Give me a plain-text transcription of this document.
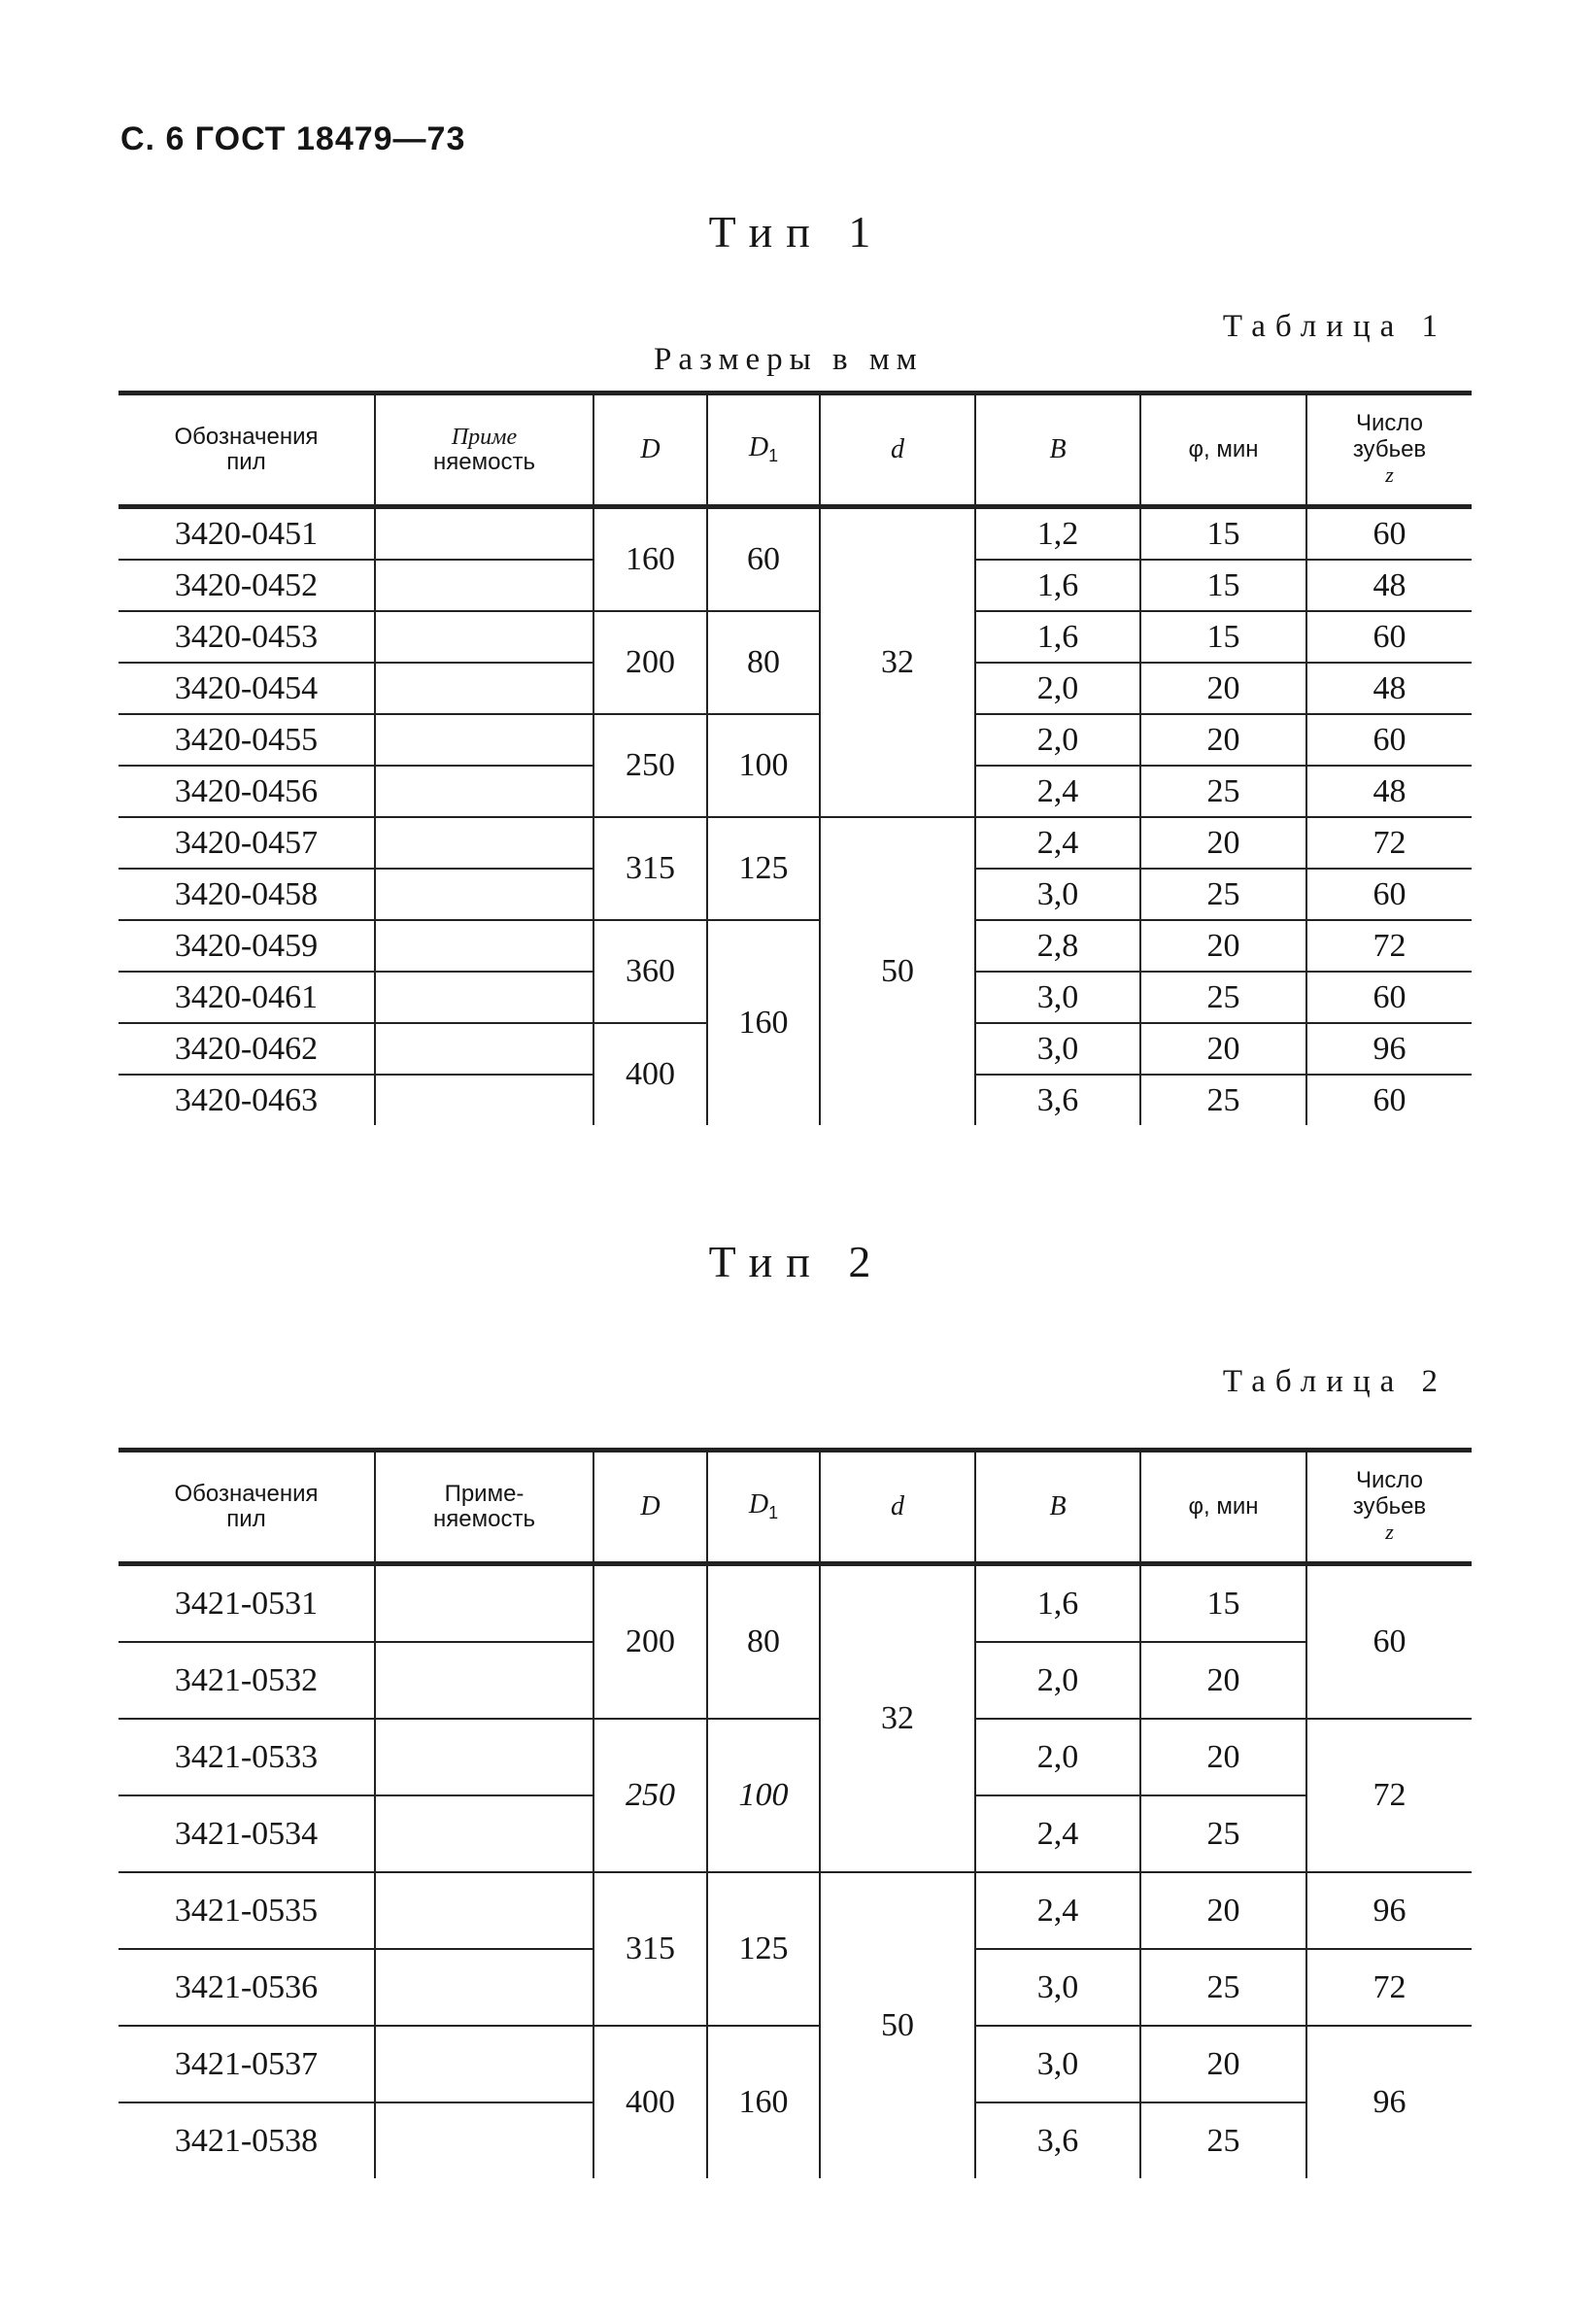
С. 6 ГОСТ 18479—73
Тип 1
Таблица 1
Размеры в мм
Обозначения
пил	Приме
няемость	D	$D_1$	d	B	φ, мин	Число
зубьев
z
3420-0451		160	60	32	1,2	15	60
3420-0452					1,6	15	48
3420-0453		200	80		1,6	15	60
3420-0454					2,0	20	48
3420-0455		250	100		2,0	20	60
3420-0456					2,4	25	48
3420-0457		315	125	50	2,4	20	72
3420-0458					3,0	25	60
3420-0459		360	160		2,8	20	72
3420-0461					3,0	25	60
3420-0462		400			3,0	20	96
3420-0463					3,6	25	60
Тип 2
Таблица 2
Обозначения
пил	Приме-
няемость	D	$D_1$	d	B	φ, мин	Число
зубьев
z
3421-0531		200	80	32	1,6	15	60
3421-0532					2,0	20	
3421-0533		250	100		2,0	20	72
3421-0534					2,4	25	
3421-0535		315	125	50	2,4	20	96
3421-0536					3,0	25	72
3421-0537		400	160		3,0	20	96
3421-0538					3,6	25	
